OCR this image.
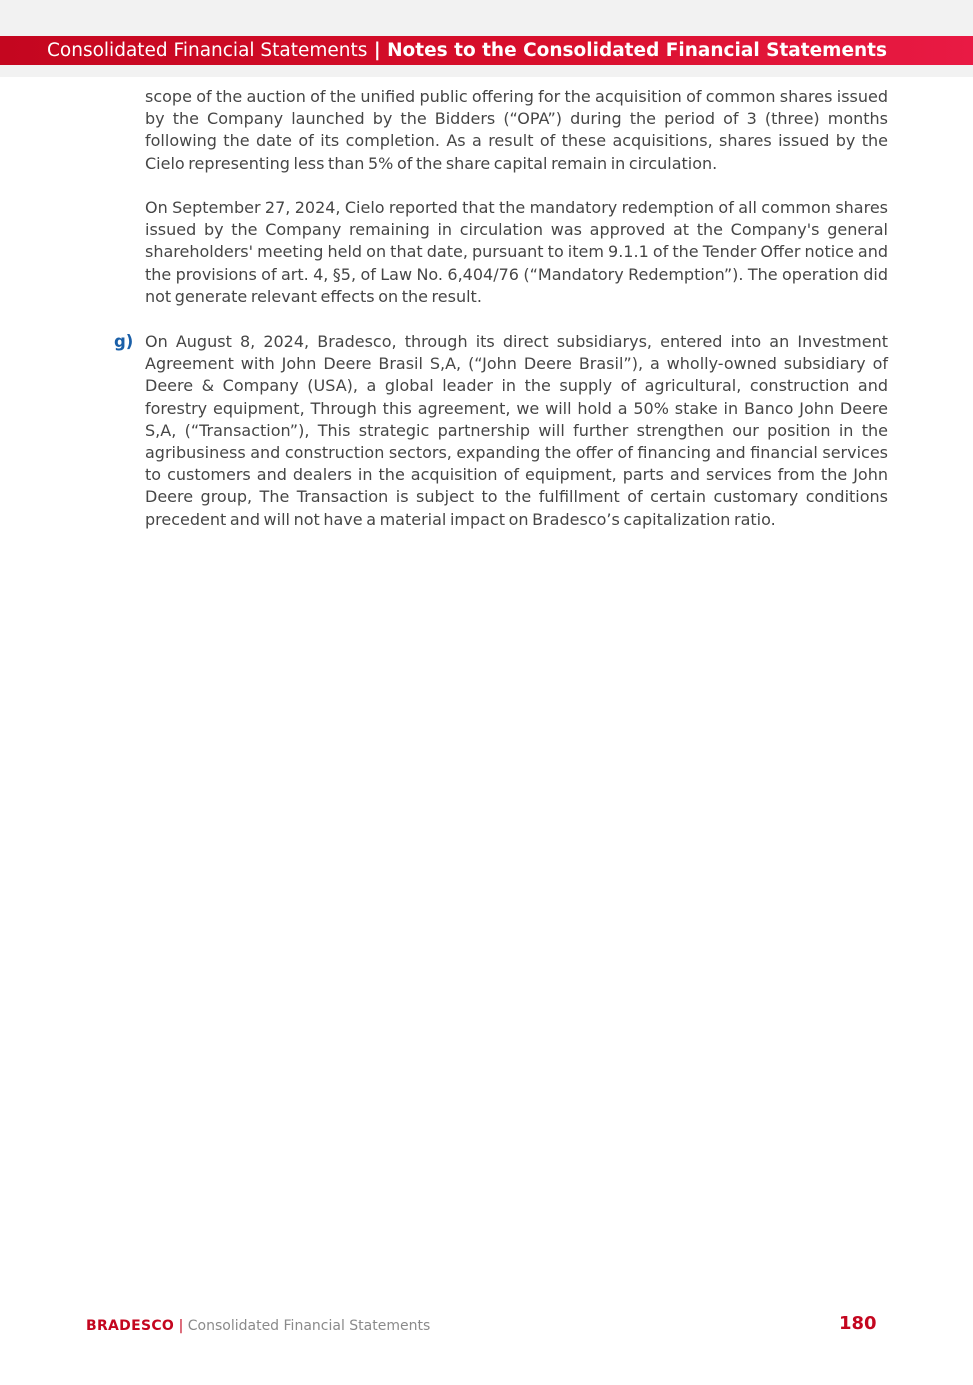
Consolidated Financial Statements | Notes to the Consolidated Financial Statements

scope of the auction of the unified public offering for the acquisition of common shares issued by the Company launched by the Bidders (“OPA”) during the period of 3 (three) months following the date of its completion. As a result of these acquisitions, shares issued by the Cielo representing less than 5% of the share capital remain in circulation.

On September 27, 2024, Cielo reported that the mandatory redemption of all common shares issued by the Company remaining in circulation was approved at the Company's general shareholders' meeting held on that date, pursuant to item 9.1.1 of the Tender Offer notice and the provisions of art. 4, §5, of Law No. 6,404/76 (“Mandatory Redemption”). The operation did not generate relevant effects on the result.

g) On August 8, 2024, Bradesco, through its direct subsidiarys, entered into an Investment Agreement with John Deere Brasil S,A, (“John Deere Brasil”), a wholly-owned subsidiary of Deere & Company (USA), a global leader in the supply of agricultural, construction and forestry equipment, Through this agreement, we will hold a 50% stake in Banco John Deere S,A, (“Transaction”), This strategic partnership will further strengthen our position in the agribusiness and construction sectors, expanding the offer of financing and financial services to customers and dealers in the acquisition of equipment, parts and services from the John Deere group, The Transaction is subject to the fulfillment of certain customary conditions precedent and will not have a material impact on Bradesco’s capitalization ratio.

BRADESCO | Consolidated Financial Statements	180
